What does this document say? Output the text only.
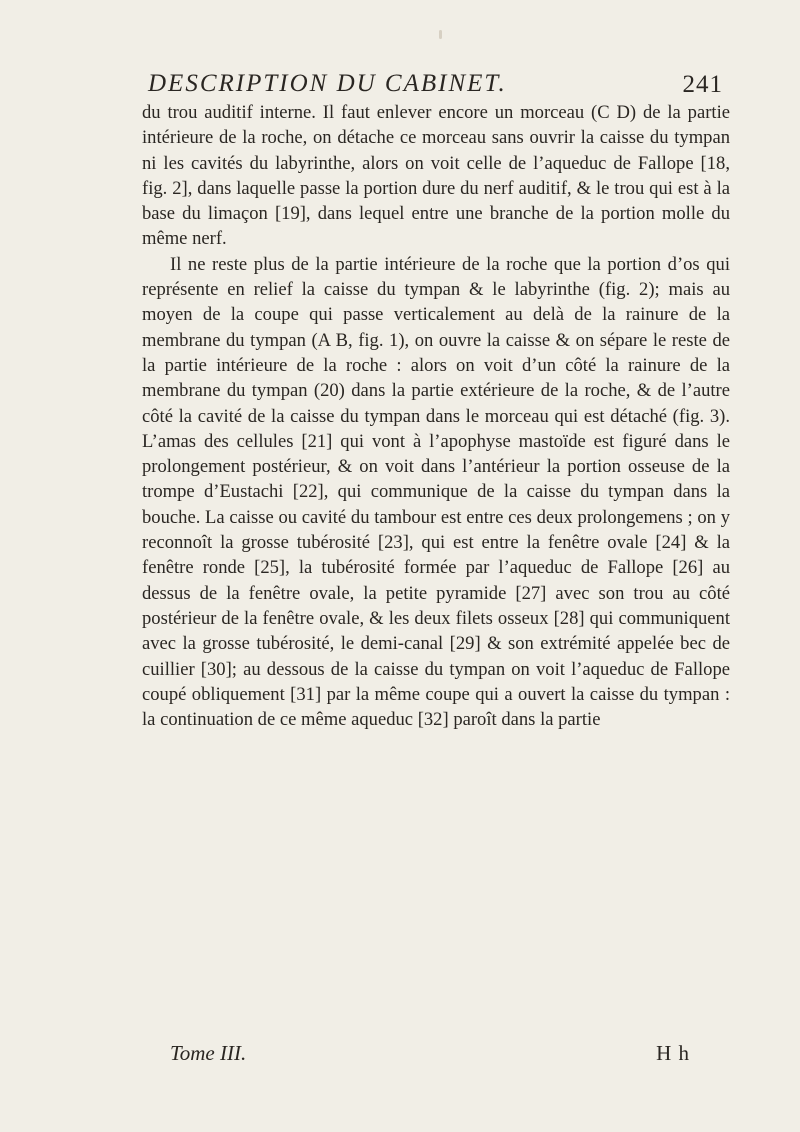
DESCRIPTION DU CABINET.	241

du trou auditif interne. Il faut enlever encore un morceau (C D) de la partie intérieure de la roche, on détache ce morceau sans ouvrir la caisse du tympan ni les cavités du labyrinthe, alors on voit celle de l’aqueduc de Fallope [18, fig. 2], dans laquelle passe la portion dure du nerf auditif, & le trou qui est à la base du limaçon [19], dans lequel entre une branche de la portion molle du même nerf.

Il ne reste plus de la partie intérieure de la roche que la portion d’os qui représente en relief la caisse du tympan & le labyrinthe (fig. 2); mais au moyen de la coupe qui passe verticalement au delà de la rainure de la membrane du tympan (A B, fig. 1), on ouvre la caisse & on sépare le reste de la partie intérieure de la roche : alors on voit d’un côté la rainure de la membrane du tympan (20) dans la partie extérieure de la roche, & de l’autre côté la cavité de la caisse du tympan dans le morceau qui est détaché (fig. 3). L’amas des cellules [21] qui vont à l’apophyse mastoïde est figuré dans le prolongement postérieur, & on voit dans l’antérieur la portion osseuse de la trompe d’Eustachi [22], qui communique de la caisse du tympan dans la bouche. La caisse ou cavité du tambour est entre ces deux prolongemens ; on y reconnoît la grosse tubérosité [23], qui est entre la fenêtre ovale [24] & la fenêtre ronde [25], la tubérosité formée par l’aqueduc de Fallope [26] au dessus de la fenêtre ovale, la petite pyramide [27] avec son trou au côté postérieur de la fenêtre ovale, & les deux filets osseux [28] qui communiquent avec la grosse tubérosité, le demi-canal [29] & son extrémité appelée bec de cuillier [30]; au dessous de la caisse du tympan on voit l’aqueduc de Fallope coupé obliquement [31] par la même coupe qui a ouvert la caisse du tympan : la continuation de ce même aqueduc [32] paroît dans la partie

Tome III.	H h
